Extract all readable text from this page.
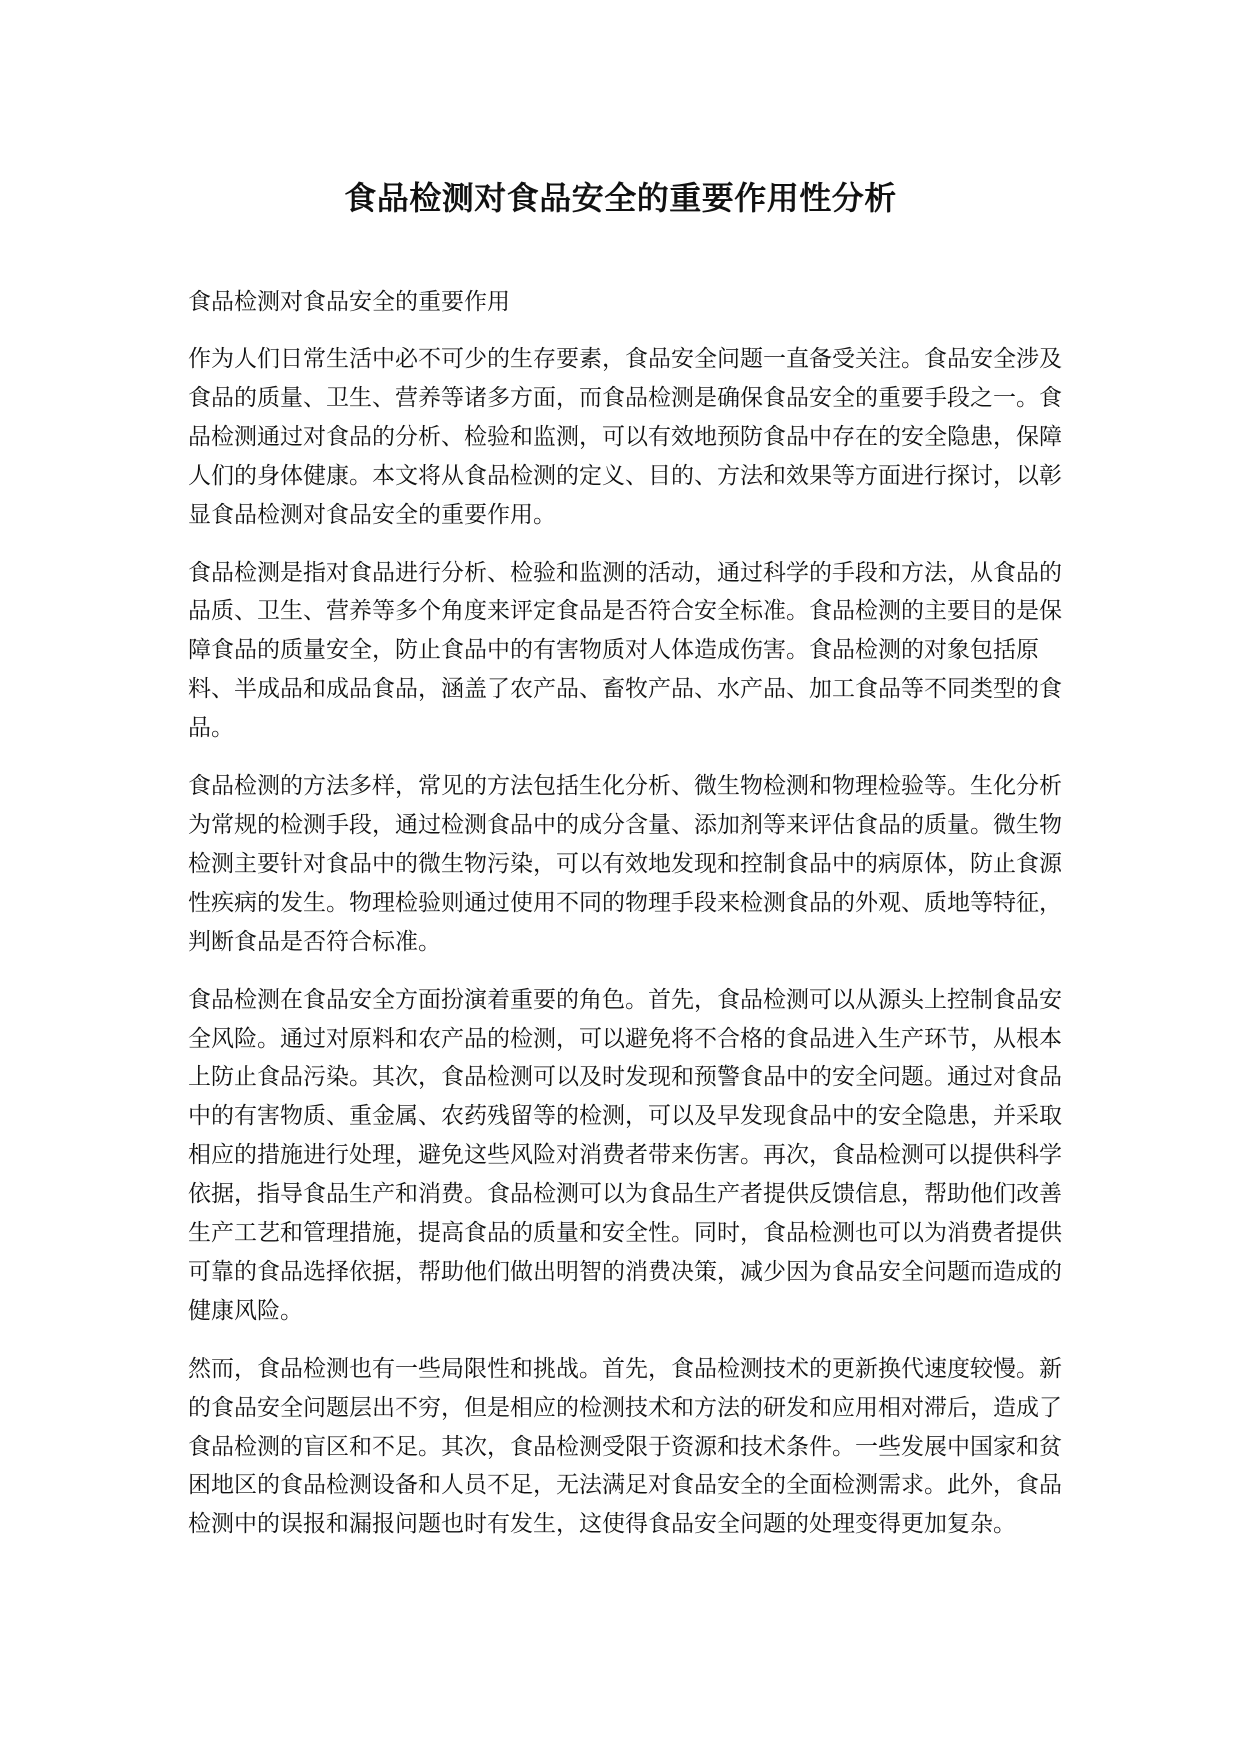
食品检测对食品安全的重要作用性分析

食品检测对食品安全的重要作用

作为人们日常生活中必不可少的生存要素，食品安全问题一直备受关注。食品安全涉及食品的质量、卫生、营养等诸多方面，而食品检测是确保食品安全的重要手段之一。食品检测通过对食品的分析、检验和监测，可以有效地预防食品中存在的安全隐患，保障人们的身体健康。本文将从食品检测的定义、目的、方法和效果等方面进行探讨，以彰显食品检测对食品安全的重要作用。

食品检测是指对食品进行分析、检验和监测的活动，通过科学的手段和方法，从食品的品质、卫生、营养等多个角度来评定食品是否符合安全标准。食品检测的主要目的是保障食品的质量安全，防止食品中的有害物质对人体造成伤害。食品检测的对象包括原料、半成品和成品食品，涵盖了农产品、畜牧产品、水产品、加工食品等不同类型的食品。

食品检测的方法多样，常见的方法包括生化分析、微生物检测和物理检验等。生化分析为常规的检测手段，通过检测食品中的成分含量、添加剂等来评估食品的质量。微生物检测主要针对食品中的微生物污染，可以有效地发现和控制食品中的病原体，防止食源性疾病的发生。物理检验则通过使用不同的物理手段来检测食品的外观、质地等特征，判断食品是否符合标准。

食品检测在食品安全方面扮演着重要的角色。首先，食品检测可以从源头上控制食品安全风险。通过对原料和农产品的检测，可以避免将不合格的食品进入生产环节，从根本上防止食品污染。其次，食品检测可以及时发现和预警食品中的安全问题。通过对食品中的有害物质、重金属、农药残留等的检测，可以及早发现食品中的安全隐患，并采取相应的措施进行处理，避免这些风险对消费者带来伤害。再次，食品检测可以提供科学依据，指导食品生产和消费。食品检测可以为食品生产者提供反馈信息，帮助他们改善生产工艺和管理措施，提高食品的质量和安全性。同时，食品检测也可以为消费者提供可靠的食品选择依据，帮助他们做出明智的消费决策，减少因为食品安全问题而造成的健康风险。

然而，食品检测也有一些局限性和挑战。首先，食品检测技术的更新换代速度较慢。新的食品安全问题层出不穷，但是相应的检测技术和方法的研发和应用相对滞后，造成了食品检测的盲区和不足。其次，食品检测受限于资源和技术条件。一些发展中国家和贫困地区的食品检测设备和人员不足，无法满足对食品安全的全面检测需求。此外，食品检测中的误报和漏报问题也时有发生，这使得食品安全问题的处理变得更加复杂。
